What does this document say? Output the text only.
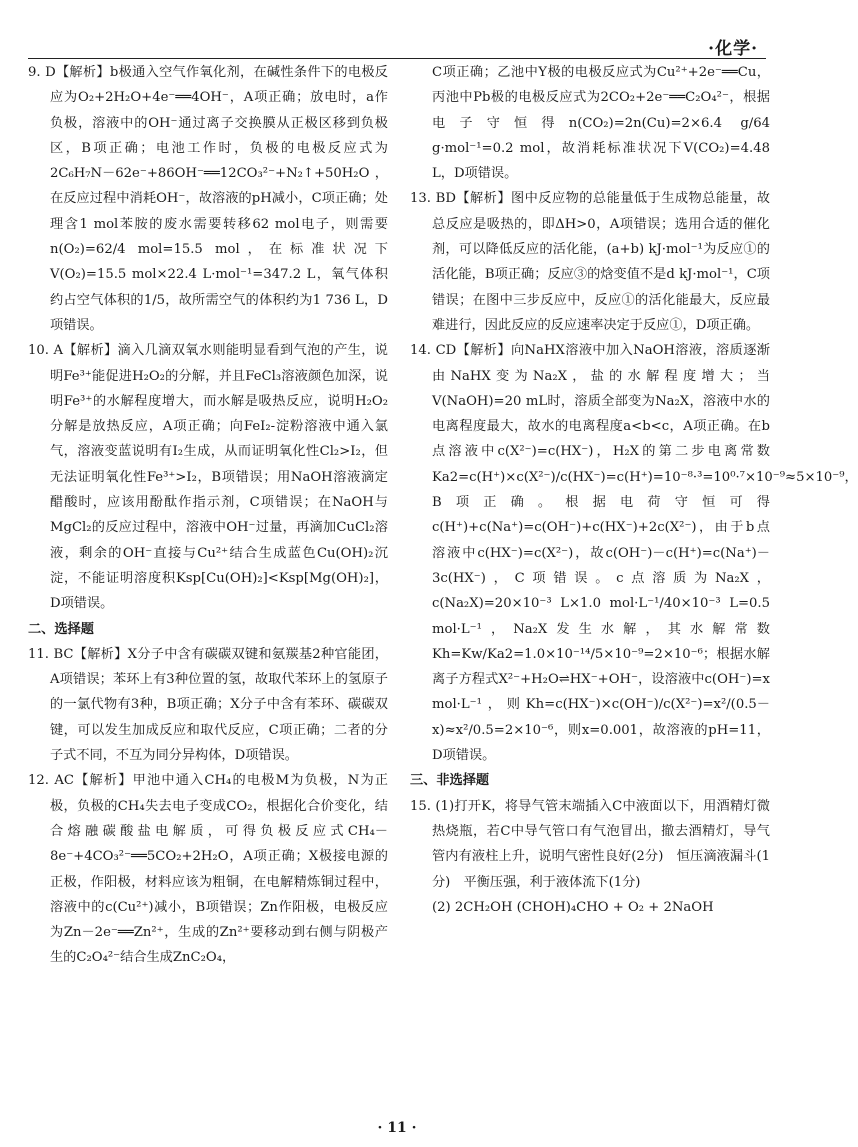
·化学·

9. D【解析】b极通入空气作氧化剂，在碱性条件下的电极反应为O₂+2H₂O+4e⁻══4OH⁻，A项正确；放电时，a作负极，溶液中的OH⁻通过离子交换膜从正极区移到负极区，B项正确；电池工作时，负极的电极反应式为2C₆H₇N－62e⁻+86OH⁻══12CO₃²⁻+N₂↑+50H₂O，在反应过程中消耗OH⁻，故溶液的pH减小，C项正确；处理含1 mol苯胺的废水需要转移62 mol电子，则需要n(O₂)=62/4 mol=15.5 mol，在标准状况下V(O₂)=15.5 mol×22.4 L·mol⁻¹=347.2 L，氧气体积约占空气体积的1/5，故所需空气的体积约为1 736 L，D项错误。

10. A【解析】滴入几滴双氧水则能明显看到气泡的产生，说明Fe³⁺能促进H₂O₂的分解，并且FeCl₃溶液颜色加深，说明Fe³⁺的水解程度增大，而水解是吸热反应，说明H₂O₂分解是放热反应，A项正确；向FeI₂-淀粉溶液中通入氯气，溶液变蓝说明有I₂生成，从而证明氧化性Cl₂>I₂，但无法证明氧化性Fe³⁺>I₂，B项错误；用NaOH溶液滴定醋酸时，应该用酚酞作指示剂，C项错误；在NaOH与MgCl₂的反应过程中，溶液中OH⁻过量，再滴加CuCl₂溶液，剩余的OH⁻直接与Cu²⁺结合生成蓝色Cu(OH)₂沉淀，不能证明溶度积Ksp[Cu(OH)₂]<Ksp[Mg(OH)₂]，D项错误。

二、选择题

11. BC【解析】X分子中含有碳碳双键和氨羰基2种官能团，A项错误；苯环上有3种位置的氢，故取代苯环上的氢原子的一氯代物有3种，B项正确；X分子中含有苯环、碳碳双键，可以发生加成反应和取代反应，C项正确；二者的分子式不同，不互为同分异构体，D项错误。

12. AC【解析】甲池中通入CH₄的电极M为负极，N为正极，负极的CH₄失去电子变成CO₂，根据化合价变化，结合熔融碳酸盐电解质，可得负极反应式CH₄－8e⁻+4CO₃²⁻══5CO₂+2H₂O，A项正确；X极接电源的正极，作阳极，材料应该为粗铜，在电解精炼铜过程中，溶液中的c(Cu²⁺)减小，B项错误；Zn作阳极，电极反应为Zn－2e⁻══Zn²⁺，生成的Zn²⁺要移动到右侧与阴极产生的C₂O₄²⁻结合生成ZnC₂O₄，

C项正确；乙池中Y极的电极反应式为Cu²⁺+2e⁻══Cu，丙池中Pb极的电极反应式为2CO₂+2e⁻══C₂O₄²⁻，根据电子守恒得n(CO₂)=2n(Cu)=2×6.4 g/64 g·mol⁻¹=0.2 mol，故消耗标准状况下V(CO₂)=4.48 L，D项错误。

13. BD【解析】图中反应物的总能量低于生成物总能量，故总反应是吸热的，即ΔH>0，A项错误；选用合适的催化剂，可以降低反应的活化能，(a+b) kJ·mol⁻¹为反应①的活化能，B项正确；反应③的焓变值不是d kJ·mol⁻¹，C项错误；在图中三步反应中，反应①的活化能最大，反应最难进行，因此反应的反应速率决定于反应①，D项正确。

14. CD【解析】向NaHX溶液中加入NaOH溶液，溶质逐渐由NaHX变为Na₂X，盐的水解程度增大；当V(NaOH)=20 mL时，溶质全部变为Na₂X，溶液中水的电离程度最大，故水的电离程度a<b<c，A项正确。在b点溶液中c(X²⁻)=c(HX⁻)，H₂X的第二步电离常数Ka2=c(H⁺)×c(X²⁻)/c(HX⁻)=c(H⁺)=10⁻⁸·³=10⁰·⁷×10⁻⁹≈5×10⁻⁹，B项正确。根据电荷守恒可得c(H⁺)+c(Na⁺)=c(OH⁻)+c(HX⁻)+2c(X²⁻)，由于b点溶液中c(HX⁻)=c(X²⁻)，故c(OH⁻)－c(H⁺)=c(Na⁺)－3c(HX⁻)，C项错误。c点溶质为Na₂X，c(Na₂X)=20×10⁻³ L×1.0 mol·L⁻¹/40×10⁻³ L=0.5 mol·L⁻¹，Na₂X发生水解，其水解常数Kh=Kw/Ka2=1.0×10⁻¹⁴/5×10⁻⁹=2×10⁻⁶；根据水解离子方程式X²⁻+H₂O⇌HX⁻+OH⁻，设溶液中c(OH⁻)=x mol·L⁻¹，则Kh=c(HX⁻)×c(OH⁻)/c(X²⁻)=x²/(0.5－x)≈x²/0.5=2×10⁻⁶，则x=0.001，故溶液的pH=11，D项错误。

三、非选择题

15. (1)打开K，将导气管末端插入C中液面以下，用酒精灯微热烧瓶，若C中导气管口有气泡冒出，撤去酒精灯，导气管内有液柱上升，说明气密性良好(2分)　恒压滴液漏斗(1分)　平衡压强，利于液体流下(1分)

(2) 2CH₂OH (CHOH)₄CHO + O₂ + 2NaOH

· 11 ·
